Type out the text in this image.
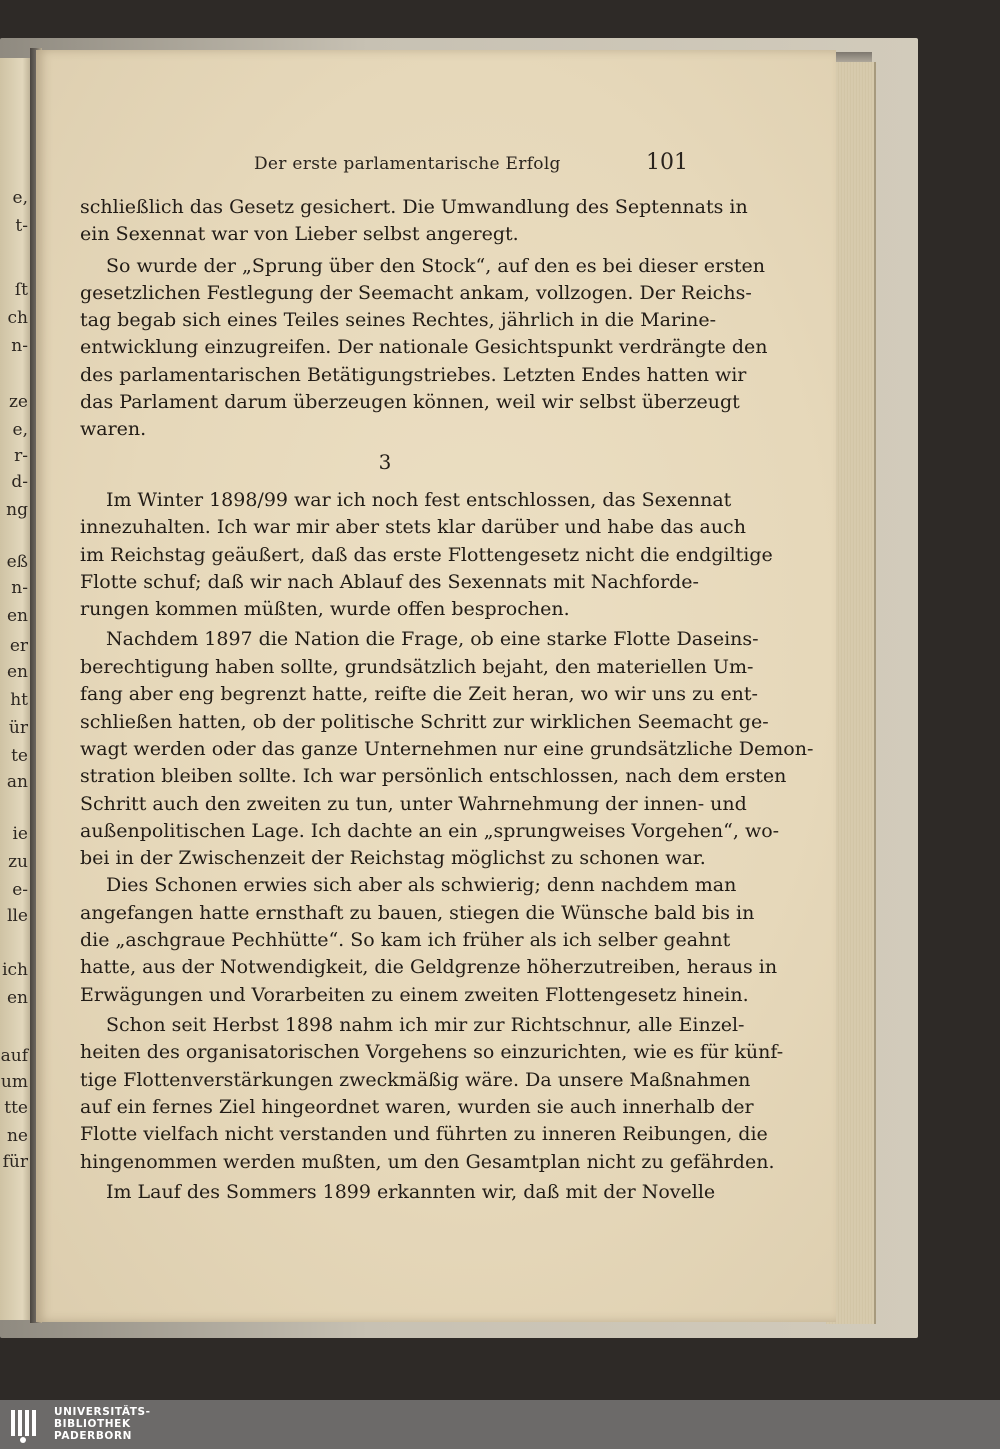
e,
t-
ſt
ch
n-
ze
e,
r-
d-
ng
eß
n-
en
er
en
ht
ür
te
an
ie
zu
e-
lle
ich
en
auf
um
tte
ne
für
Der erste parlamentarische Erfolg	101
schließlich das Gesetz gesichert. Die Umwandlung des Septennats in
ein Sexennat war von Lieber selbst angeregt.
So wurde der „Sprung über den Stock“, auf den es bei dieser ersten
gesetzlichen Festlegung der Seemacht ankam, vollzogen. Der Reichs-
tag begab sich eines Teiles seines Rechtes, jährlich in die Marine-
entwicklung einzugreifen. Der nationale Gesichtspunkt verdrängte den
des parlamentarischen Betätigungstriebes. Letzten Endes hatten wir
das Parlament darum überzeugen können, weil wir selbst überzeugt
waren.
Im Winter 1898/99 war ich noch fest entschlossen, das Sexennat
innezuhalten. Ich war mir aber stets klar darüber und habe das auch
im Reichstag geäußert, daß das erste Flottengesetz nicht die endgiltige
Flotte schuf; daß wir nach Ablauf des Sexennats mit Nachforde-
rungen kommen müßten, wurde offen besprochen.
Nachdem 1897 die Nation die Frage, ob eine starke Flotte Daseins-
berechtigung haben sollte, grundsätzlich bejaht, den materiellen Um-
fang aber eng begrenzt hatte, reifte die Zeit heran, wo wir uns zu ent-
schließen hatten, ob der politische Schritt zur wirklichen Seemacht ge-
wagt werden oder das ganze Unternehmen nur eine grundsätzliche Demon-
stration bleiben sollte. Ich war persönlich entschlossen, nach dem ersten
Schritt auch den zweiten zu tun, unter Wahrnehmung der innen- und
außenpolitischen Lage. Ich dachte an ein „sprungweises Vorgehen“, wo-
bei in der Zwischenzeit der Reichstag möglichst zu schonen war.
Dies Schonen erwies sich aber als schwierig; denn nachdem man
angefangen hatte ernsthaft zu bauen, stiegen die Wünsche bald bis in
die „aschgraue Pechhütte“. So kam ich früher als ich selber geahnt
hatte, aus der Notwendigkeit, die Geldgrenze höherzutreiben, heraus in
Erwägungen und Vorarbeiten zu einem zweiten Flottengesetz hinein.
Schon seit Herbst 1898 nahm ich mir zur Richtschnur, alle Einzel-
heiten des organisatorischen Vorgehens so einzurichten, wie es für künf-
tige Flottenverstärkungen zweckmäßig wäre. Da unsere Maßnahmen
auf ein fernes Ziel hingeordnet waren, wurden sie auch innerhalb der
Flotte vielfach nicht verstanden und führten zu inneren Reibungen, die
hingenommen werden mußten, um den Gesamtplan nicht zu gefährden.
Im Lauf des Sommers 1899 erkannten wir, daß mit der Novelle
3
UNIVERSITÄTS-
BIBLIOTHEK
PADERBORN
